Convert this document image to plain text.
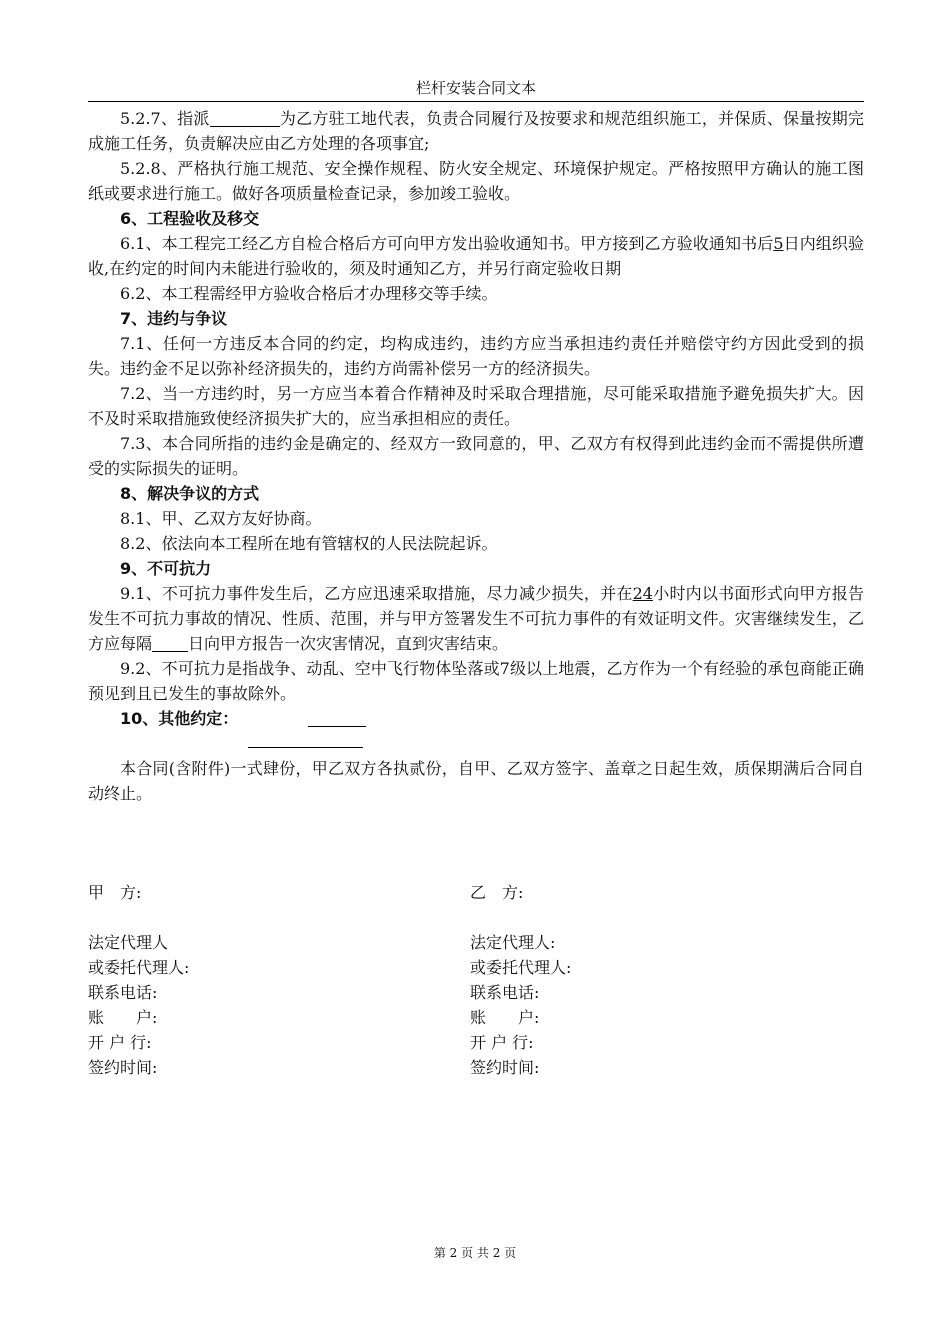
栏杆安装合同文本

5.2.7、指派	为乙方驻工地代表，负责合同履行及按要求和规范组织施工，并保质、保量按期完成施工任务，负责解决应由乙方处理的各项事宜;

5.2.8、严格执行施工规范、安全操作规程、防火安全规定、环境保护规定。严格按照甲方确认的施工图纸或要求进行施工。做好各项质量检查记录，参加竣工验收。

6、工程验收及移交

6.1、本工程完工经乙方自检合格后方可向甲方发出验收通知书。甲方接到乙方验收通知书后5日内组织验收,在约定的时间内未能进行验收的，须及时通知乙方，并另行商定验收日期

6.2、本工程需经甲方验收合格后才办理移交等手续。

7、违约与争议

7.1、任何一方违反本合同的约定，均构成违约，违约方应当承担违约责任并赔偿守约方因此受到的损失。违约金不足以弥补经济损失的，违约方尚需补偿另一方的经济损失。

7.2、当一方违约时，另一方应当本着合作精神及时采取合理措施，尽可能采取措施予避免损失扩大。因不及时采取措施致使经济损失扩大的，应当承担相应的责任。

7.3、本合同所指的违约金是确定的、经双方一致同意的，甲、乙双方有权得到此违约金而不需提供所遭受的实际损失的证明。

8、解决争议的方式

8.1、甲、乙双方友好协商。

8.2、依法向本工程所在地有管辖权的人民法院起诉。

9、不可抗力

9.1、不可抗力事件发生后，乙方应迅速采取措施，尽力减少损失，并在24小时内以书面形式向甲方报告发生不可抗力事故的情况、性质、范围，并与甲方签署发生不可抗力事件的有效证明文件。灾害继续发生，乙方应每隔 日向甲方报告一次灾害情况，直到灾害结束。

9.2、不可抗力是指战争、动乱、空中飞行物体坠落或7级以上地震，乙方作为一个有经验的承包商能正确预见到且已发生的事故除外。

10、其他约定：

本合同(含附件)一式肆份，甲乙双方各执贰份，自甲、乙双方签字、盖章之日起生效，质保期满后合同自动终止。

甲　方:
法定代理人
或委托代理人:
联系电话:
账　　户:
开 户 行:
签约时间:
乙　方:
法定代理人:
或委托代理人:
联系电话:
账　　户:
开 户 行:
签约时间:
第 2 页 共 2 页
